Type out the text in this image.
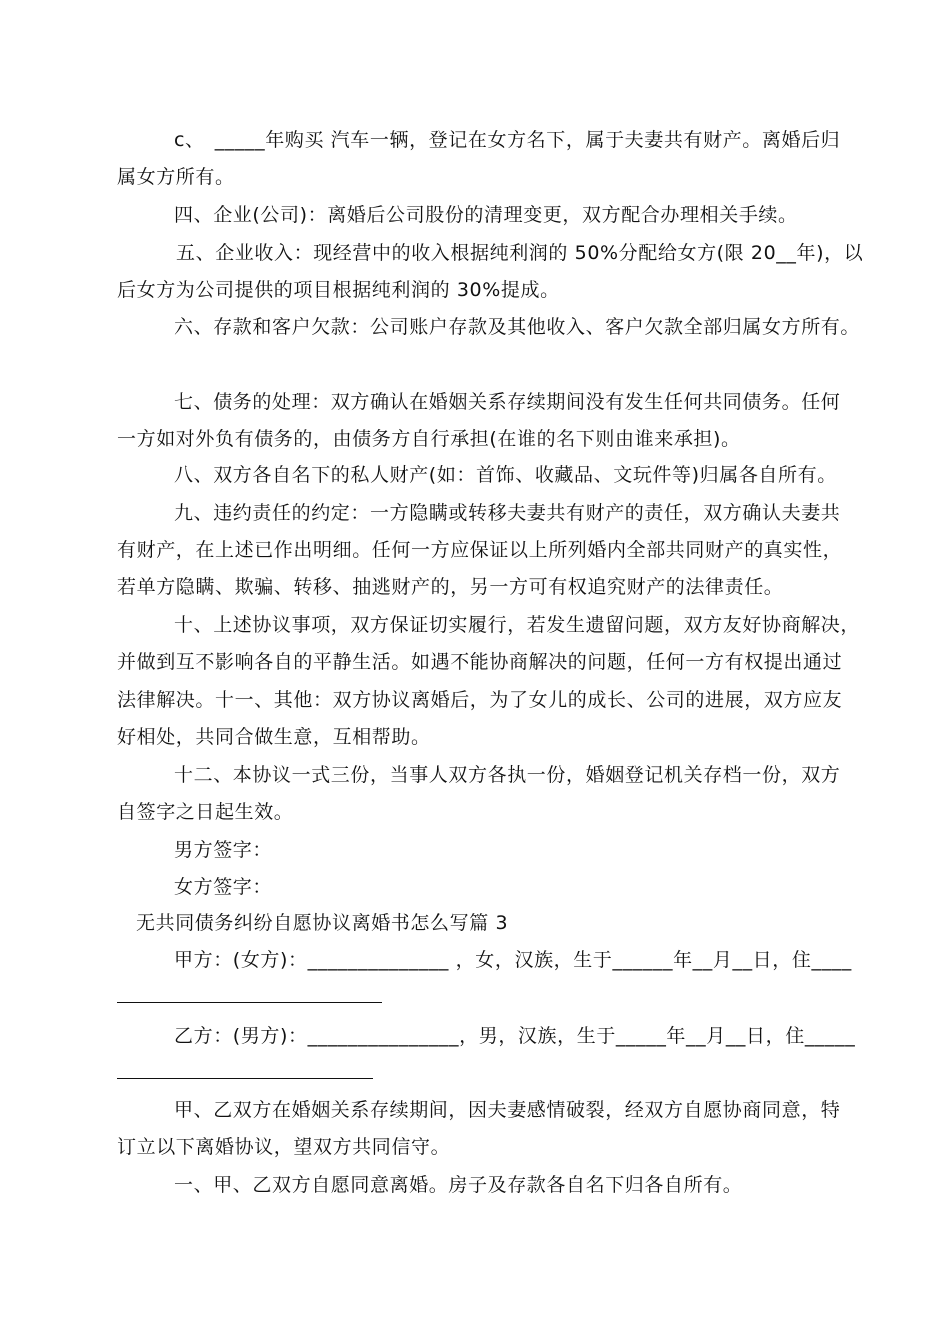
c、　_____年购买 汽车一辆，登记在女方名下，属于夫妻共有财产。离婚后归
属女方所有。
四、企业(公司)：离婚后公司股份的清理变更，双方配合办理相关手续。
五、企业收入：现经营中的收入根据纯利润的 50%分配给女方(限 20__年)，以
后女方为公司提供的项目根据纯利润的 30%提成。
六、存款和客户欠款：公司账户存款及其他收入、客户欠款全部归属女方所有。
七、债务的处理：双方确认在婚姻关系存续期间没有发生任何共同债务。任何
一方如对外负有债务的，由债务方自行承担(在谁的名下则由谁来承担)。
八、双方各自名下的私人财产(如：首饰、收藏品、文玩件等)归属各自所有。
九、违约责任的约定：一方隐瞒或转移夫妻共有财产的责任，双方确认夫妻共
有财产，在上述已作出明细。任何一方应保证以上所列婚内全部共同财产的真实性，
若单方隐瞒、欺骗、转移、抽逃财产的，另一方可有权追究财产的法律责任。
十、上述协议事项，双方保证切实履行，若发生遗留问题，双方友好协商解决，
并做到互不影响各自的平静生活。如遇不能协商解决的问题，任何一方有权提出通过
法律解决。十一、其他：双方协议离婚后，为了女儿的成长、公司的进展，双方应友
好相处，共同合做生意，互相帮助。
十二、本协议一式三份，当事人双方各执一份，婚姻登记机关存档一份，双方
自签字之日起生效。
男方签字：
女方签字：
无共同债务纠纷自愿协议离婚书怎么写篇 3
甲方：(女方)：______________ ，女，汉族，生于______年__月__日，住____
乙方：(男方)：_______________，男，汉族，生于_____年__月__日，住_____
甲、乙双方在婚姻关系存续期间，因夫妻感情破裂，经双方自愿协商同意，特
订立以下离婚协议，望双方共同信守。
一、甲、乙双方自愿同意离婚。房子及存款各自名下归各自所有。
